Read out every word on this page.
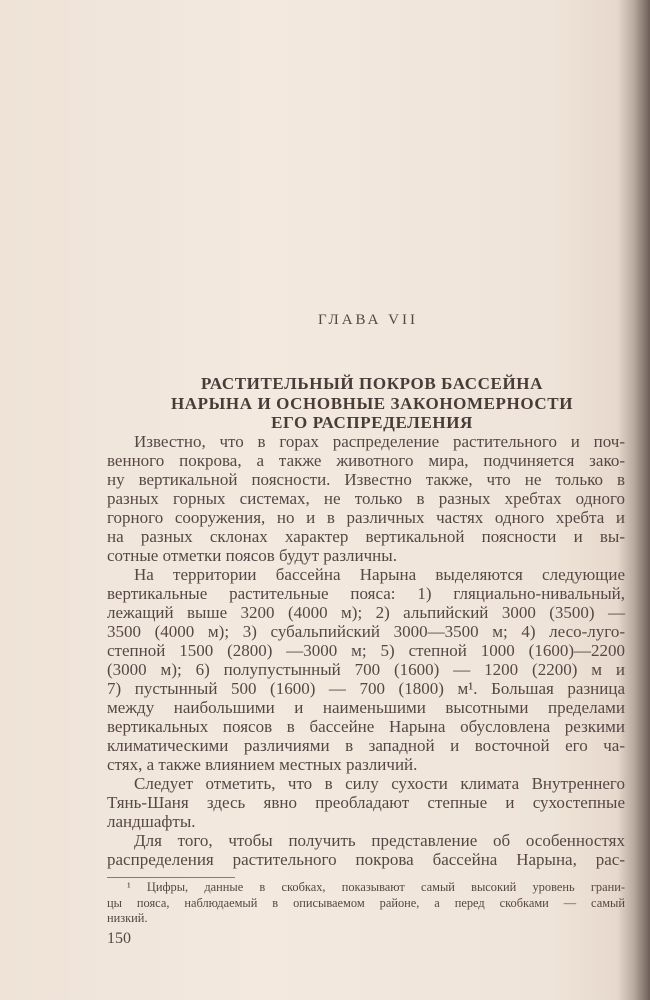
ГЛАВА VII
РАСТИТЕЛЬНЫЙ ПОКРОВ БАССЕЙНА
НАРЫНА И ОСНОВНЫЕ ЗАКОНОМЕРНОСТИ
ЕГО РАСПРЕДЕЛЕНИЯ
Известно, что в горах распределение растительного и поч-
венного покрова, а также животного мира, подчиняется зако-
ну вертикальной поясности. Известно также, что не только в
разных горных системах, не только в разных хребтах одного
горного сооружения, но и в различных частях одного хребта и
на разных склонах характер вертикальной поясности и вы-
сотные отметки поясов будут различны.
На территории бассейна Нарына выделяются следующие
вертикальные растительные пояса: 1) гляциально-нивальный,
лежащий выше 3200 (4000 м); 2) альпийский 3000 (3500) —
3500 (4000 м); 3) субальпийский 3000—3500 м; 4) лесо-луго-
степной 1500 (2800) —3000 м; 5) степной 1000 (1600)—2200
(3000 м); 6) полупустынный 700 (1600) — 1200 (2200) м и
7) пустынный 500 (1600) — 700 (1800) м¹. Большая разница
между наибольшими и наименьшими высотными пределами
вертикальных поясов в бассейне Нарына обусловлена резкими
климатическими различиями в западной и восточной его ча-
стях, а также влиянием местных различий.
Следует отметить, что в силу сухости климата Внутреннего
Тянь-Шаня здесь явно преобладают степные и сухостепные
ландшафты.
Для того, чтобы получить представление об особенностях
распределения растительного покрова бассейна Нарына, рас-
¹ Цифры, данные в скобках, показывают самый высокий уровень грани-
цы пояса, наблюдаемый в описываемом районе, а перед скобками — самый
низкий.
150
